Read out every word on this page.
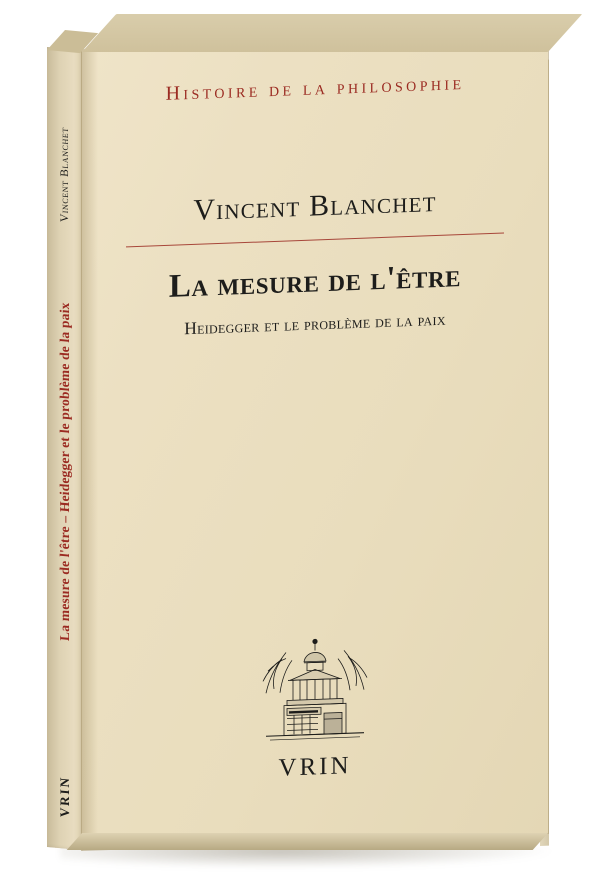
Vincent Blanchet
La mesure de l'être – Heidegger et le problème de la paix
VRIN
Histoire de la philosophie
Vincent Blanchet
La mesure de l'être
Heidegger et le problème de la paix
VRIN
